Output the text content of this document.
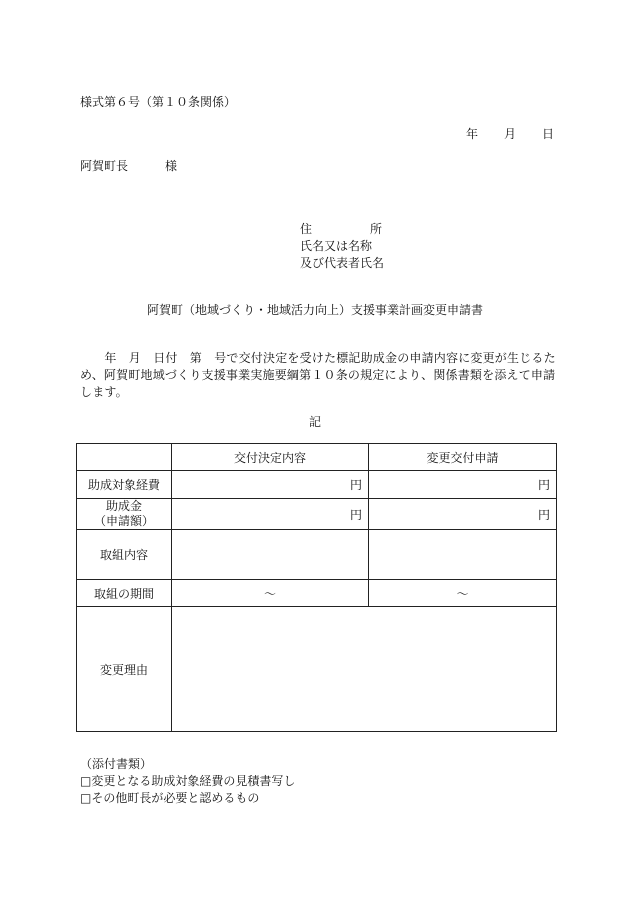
様式第６号（第１０条関係）
年 月 日
阿賀町長	様
住	所
氏名又は名称
及び代表者氏名
阿賀町（地域づくり・地域活力向上）支援事業計画変更申請書
　　年　月　日付　第　号で交付決定を受けた標記助成金の申請内容に変更が生じるため、阿賀町地域づくり支援事業実施要綱第１０条の規定により、関係書類を添えて申請します。
記
	交付決定内容	変更交付申請
助成対象経費	円	円

助成金
（申請額）	円	円
取組内容		
取組の期間	～	～
変更理由		
（添付書類）
□変更となる助成対象経費の見積書写し
□その他町長が必要と認めるもの
